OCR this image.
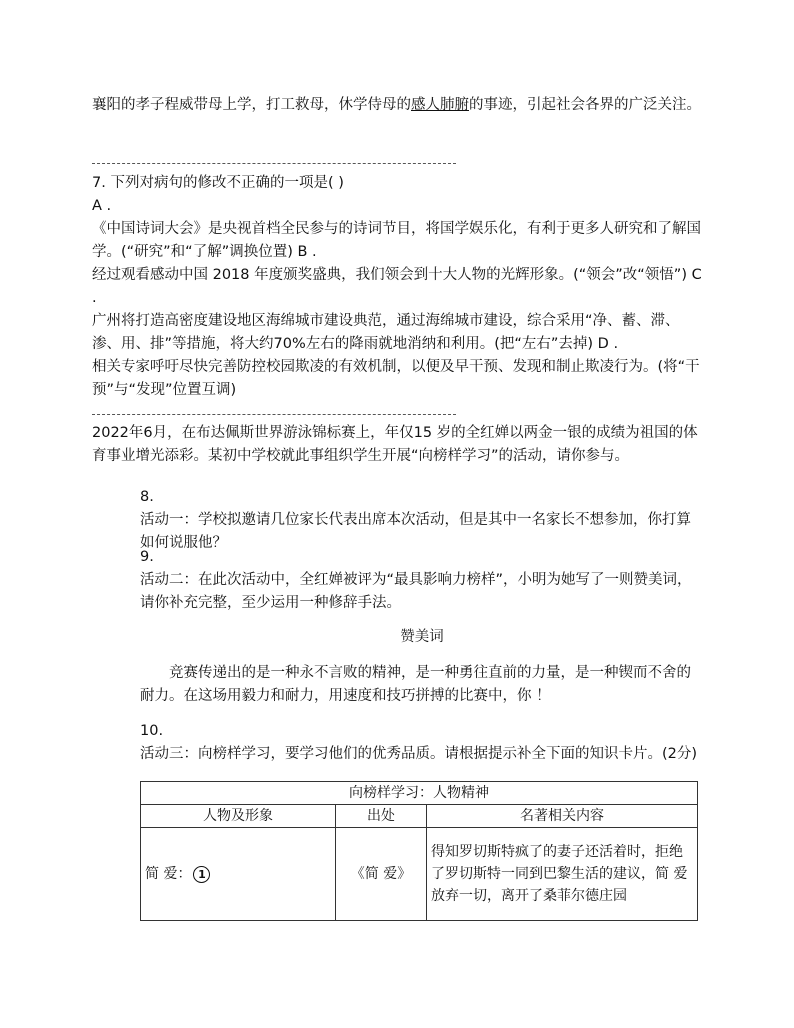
襄阳的孝子程威带母上学，打工救母，休学侍母的感人肺腑的事迹，引起社会各界的广泛关注。
7. 下列对病句的修改不正确的一项是( )
A .
《中国诗词大会》是央视首档全民参与的诗词节目，将国学娱乐化，有利于更多人研究和了解国学。(“研究”和“了解”调换位置) B .
经过观看感动中国 2018 年度颁奖盛典，我们领会到十大人物的光辉形象。(“领会”改“领悟”) C .
广州将打造高密度建设地区海绵城市建设典范，通过海绵城市建设，综合采用“净、蓄、滞、渗、用、排”等措施，将大约70%左右的降雨就地消纳和利用。(把“左右”去掉) D .
相关专家呼吁尽快完善防控校园欺凌的有效机制，以便及早干预、发现和制止欺凌行为。(将“干预”与“发现”位置互调)
2022年6月，在布达佩斯世界游泳锦标赛上，年仅15 岁的全红婵以两金一银的成绩为祖国的体育事业增光添彩。某初中学校就此事组织学生开展“向榜样学习”的活动，请你参与。
8.
活动一：学校拟邀请几位家长代表出席本次活动，但是其中一名家长不想参加，你打算如何说服他？
9.
活动二：在此次活动中，全红婵被评为“最具影响力榜样”，小明为她写了一则赞美词，请你补充完整，至少运用一种修辞手法。
赞美词
竞赛传递出的是一种永不言败的精神，是一种勇往直前的力量，是一种锲而不舍的耐力。在这场用毅力和耐力，用速度和技巧拼搏的比赛中，你 ！
10.
活动三：向榜样学习，要学习他们的优秀品质。请根据提示补全下面的知识卡片。(2分)
向榜样学习：人物精神		
人物及形象	出处	名著相关内容
简 爱： 1	《简 爱》	得知罗切斯特疯了的妻子还活着时，拒绝了罗切斯特一同到巴黎生活的建议，简 爱放弃一切，离开了桑菲尔德庄园
